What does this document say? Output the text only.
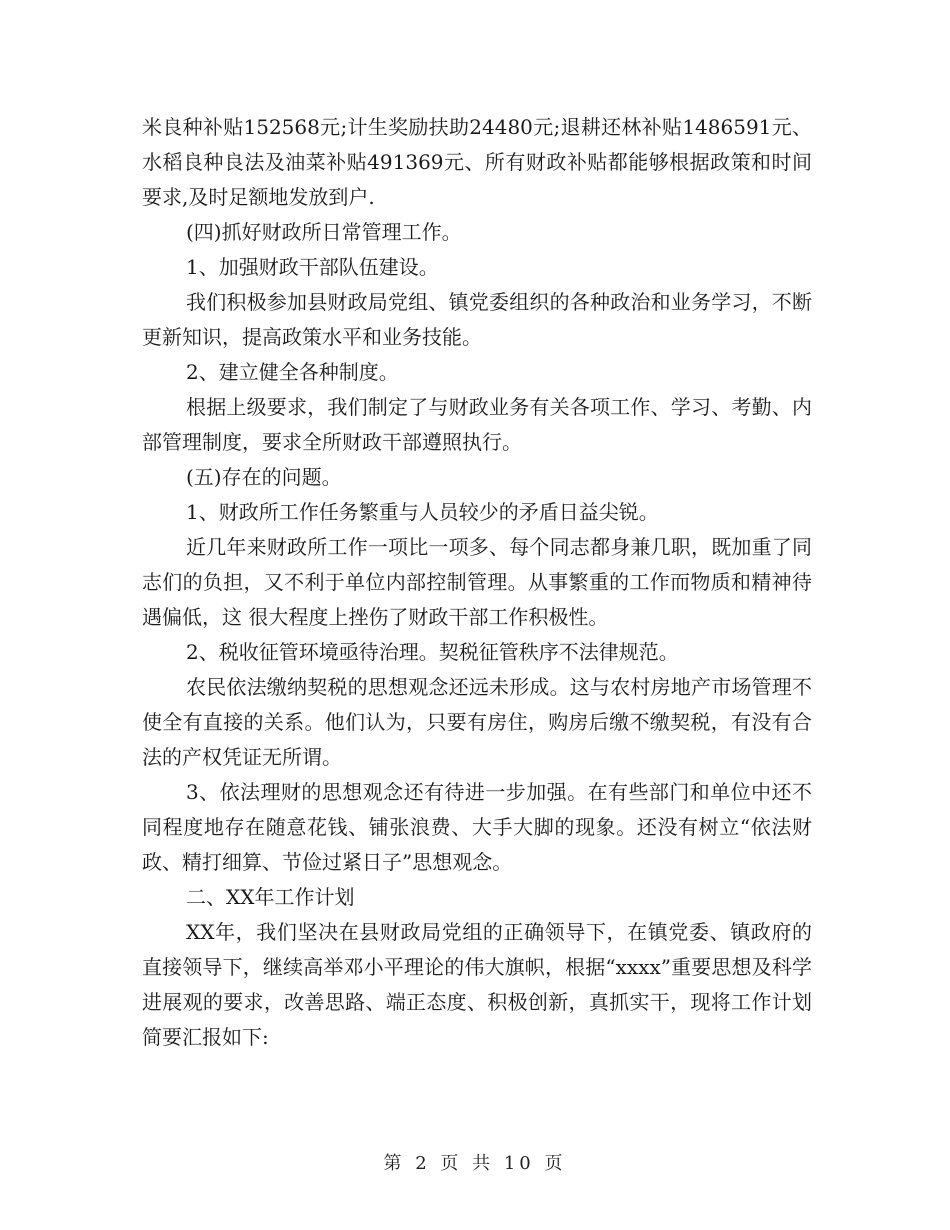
米良种补贴152568元;计生奖励扶助24480元;退耕还林补贴1486591元、水稻良种良法及油菜补贴491369元、所有财政补贴都能够根据政策和时间要求,及时足额地发放到户.

(四)抓好财政所日常管理工作。

1、加强财政干部队伍建设。

我们积极参加县财政局党组、镇党委组织的各种政治和业务学习，不断更新知识，提高政策水平和业务技能。

2、建立健全各种制度。

根据上级要求，我们制定了与财政业务有关各项工作、学习、考勤、内部管理制度，要求全所财政干部遵照执行。

(五)存在的问题。

1、财政所工作任务繁重与人员较少的矛盾日益尖锐。

近几年来财政所工作一项比一项多、每个同志都身兼几职，既加重了同志们的负担，又不利于单位内部控制管理。从事繁重的工作而物质和精神待遇偏低，这 很大程度上挫伤了财政干部工作积极性。

2、税收征管环境亟待治理。契税征管秩序不法律规范。

农民依法缴纳契税的思想观念还远未形成。这与农村房地产市场管理不使全有直接的关系。他们认为，只要有房住，购房后缴不缴契税，有没有合法的产权凭证无所谓。

3、依法理财的思想观念还有待进一步加强。在有些部门和单位中还不同程度地存在随意花钱、铺张浪费、大手大脚的现象。还没有树立“依法财政、精打细算、节俭过紧日子”思想观念。

二、XX年工作计划

XX年，我们坚决在县财政局党组的正确领导下，在镇党委、镇政府的直接领导下，继续高举邓小平理论的伟大旗帜，根据“xxxx”重要思想及科学进展观的要求，改善思路、端正态度、积极创新，真抓实干，现将工作计划简要汇报如下:

第 2 页 共 10 页
